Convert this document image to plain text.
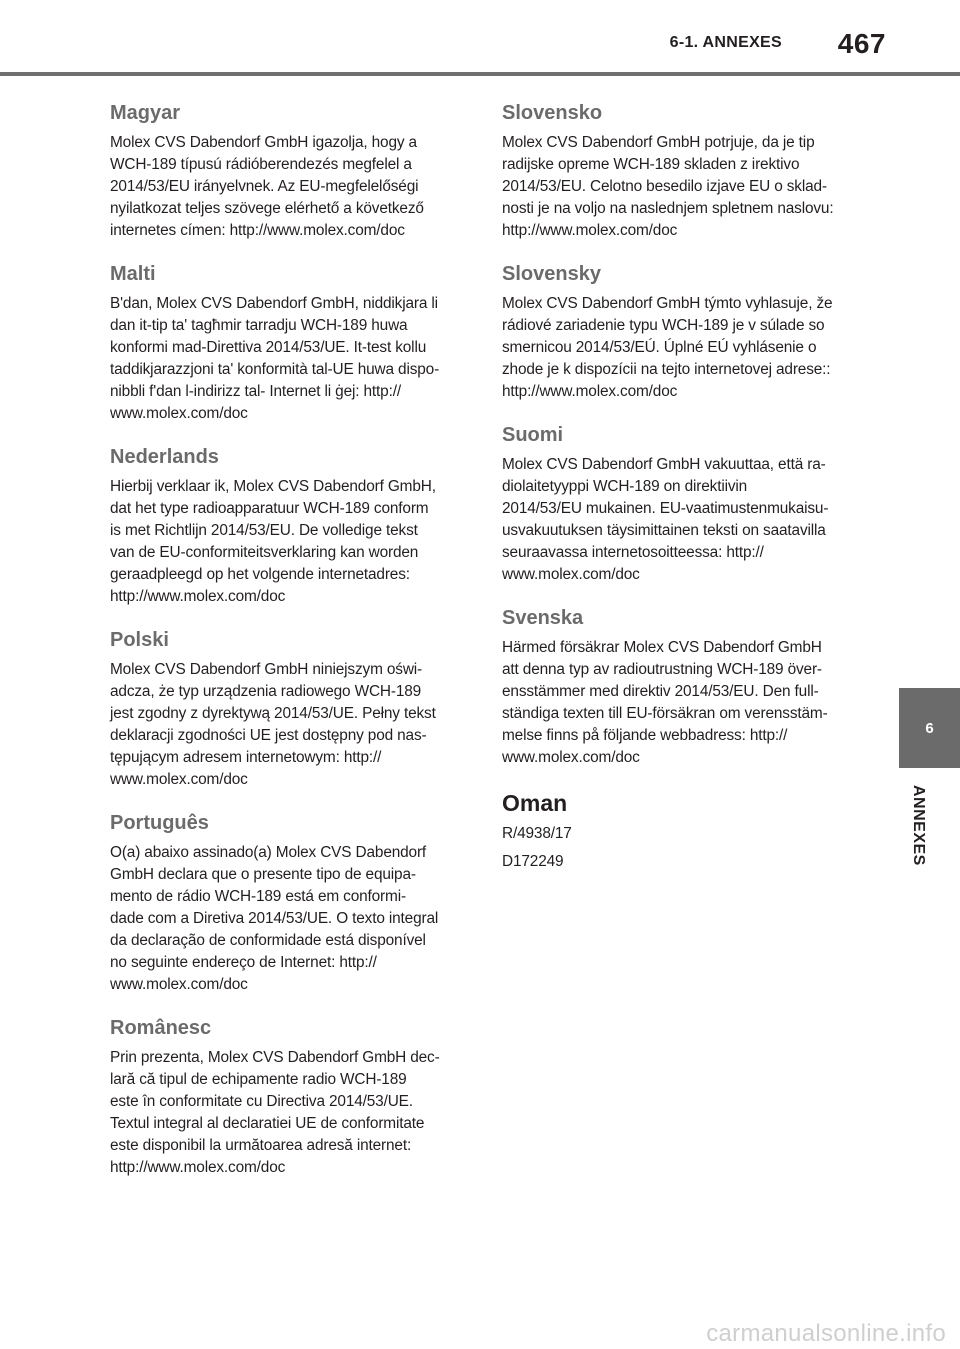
6-1. ANNEXES 467
Magyar

Molex CVS Dabendorf GmbH igazolja, hogy a
WCH-189 típusú rádióberendezés megfelel a
2014/53/EU irányelvnek. Az EU-megfelelőségi
nyilatkozat teljes szövege elérhető a következő
internetes címen: http://www.molex.com/doc

Malti

B'dan, Molex CVS Dabendorf GmbH, niddikjara li
dan it-tip ta' tagħmir tarradju WCH-189 huwa
konformi mad-Direttiva 2014/53/UE. It-test kollu
taddikjarazzjoni ta' konformità tal-UE huwa dispo-
nibbli f'dan l-indirizz tal- Internet li ġej: http://
www.molex.com/doc

Nederlands

Hierbij verklaar ik, Molex CVS Dabendorf GmbH,
dat het type radioapparatuur WCH-189 conform
is met Richtlijn 2014/53/EU. De volledige tekst
van de EU-conformiteitsverklaring kan worden
geraadpleegd op het volgende internetadres:
http://www.molex.com/doc

Polski

Molex CVS Dabendorf GmbH niniejszym oświ-
adcza, że typ urządzenia radiowego WCH-189
jest zgodny z dyrektywą 2014/53/UE. Pełny tekst
deklaracji zgodności UE jest dostępny pod nas-
tępującym adresem internetowym: http://
www.molex.com/doc

Português

O(a) abaixo assinado(a) Molex CVS Dabendorf
GmbH declara que o presente tipo de equipa-
mento de rádio WCH-189 está em conformi-
dade com a Diretiva 2014/53/UE. O texto integral
da declaração de conformidade está disponível
no seguinte endereço de Internet: http://
www.molex.com/doc

Românesc

Prin prezenta, Molex CVS Dabendorf GmbH dec-
lară că tipul de echipamente radio WCH-189
este în conformitate cu Directiva 2014/53/UE.
Textul integral al declaratiei UE de conformitate
este disponibil la următoarea adresă internet:
http://www.molex.com/doc

Slovensko

Molex CVS Dabendorf GmbH potrjuje, da je tip
radijske opreme WCH-189 skladen z irektivo
2014/53/EU. Celotno besedilo izjave EU o sklad-
nosti je na voljo na naslednjem spletnem naslovu:
http://www.molex.com/doc

Slovensky

Molex CVS Dabendorf GmbH týmto vyhlasuje, že
rádiové zariadenie typu WCH-189 je v súlade so
smernicou 2014/53/EÚ. Úplné EÚ vyhlásenie o
zhode je k dispozícii na tejto internetovej adrese::
http://www.molex.com/doc

Suomi

Molex CVS Dabendorf GmbH vakuuttaa, että ra-
diolaitetyyppi WCH-189 on direktiivin
2014/53/EU mukainen. EU-vaatimustenmukaisu-
usvakuutuksen täysimittainen teksti on saatavilla
seuraavassa internetosoitteessa: http://
www.molex.com/doc

Svenska

Härmed försäkrar Molex CVS Dabendorf GmbH
att denna typ av radioutrustning WCH-189 över-
ensstämmer med direktiv 2014/53/EU. Den full-
ständiga texten till EU-försäkran om verensstäm-
melse finns på följande webbadress: http://
www.molex.com/doc

Oman

R/4938/17

D172249

6
ANNEXES
carmanualsonline.info
